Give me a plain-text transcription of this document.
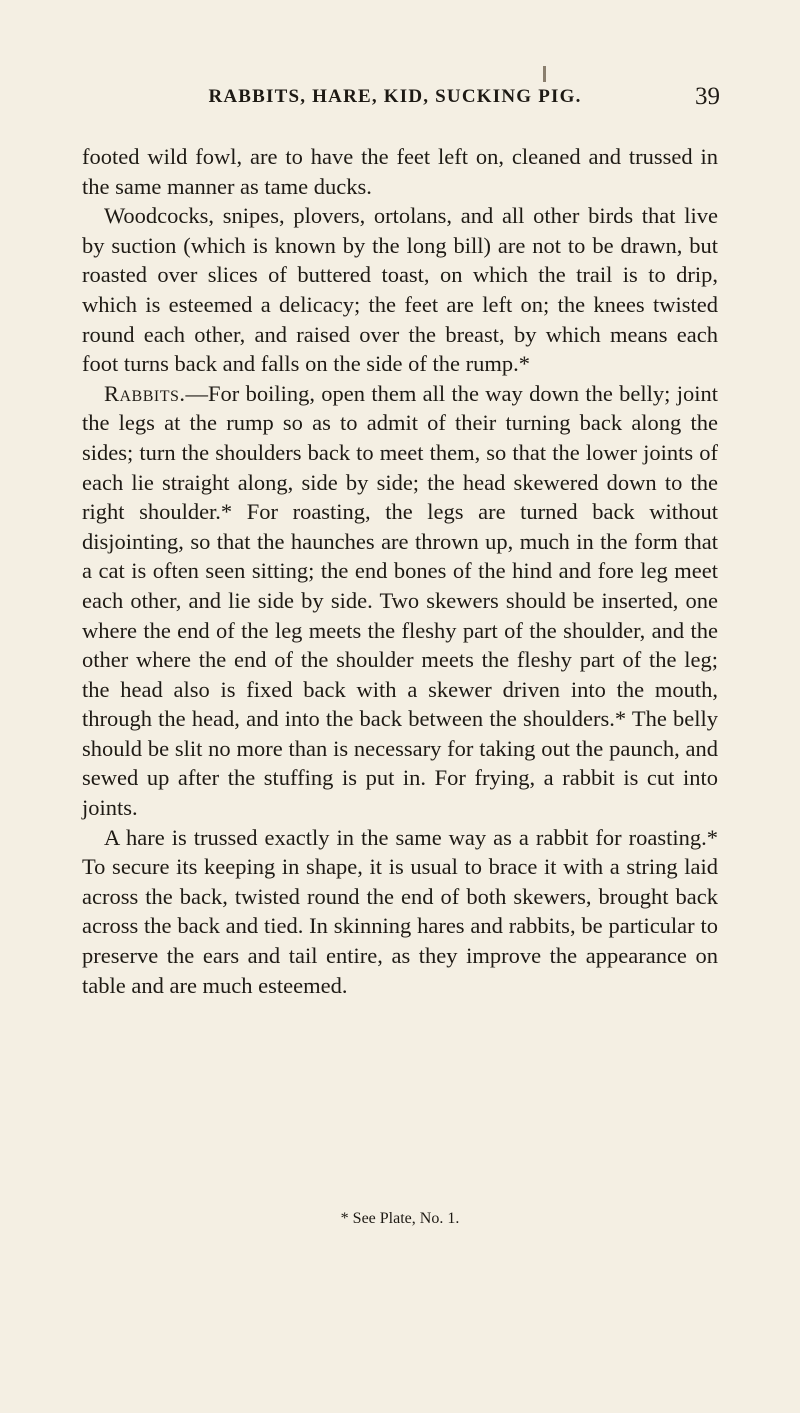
RABBITS, HARE, KID, SUCKING PIG.	39

footed wild fowl, are to have the feet left on, cleaned and trussed in the same manner as tame ducks.

Woodcocks, snipes, plovers, ortolans, and all other birds that live by suction (which is known by the long bill) are not to be drawn, but roasted over slices of buttered toast, on which the trail is to drip, which is esteemed a delicacy; the feet are left on; the knees twisted round each other, and raised over the breast, by which means each foot turns back and falls on the side of the rump.*

Rabbits.—For boiling, open them all the way down the belly; joint the legs at the rump so as to admit of their turning back along the sides; turn the shoulders back to meet them, so that the lower joints of each lie straight along, side by side; the head skewered down to the right shoulder.* For roasting, the legs are turned back without disjointing, so that the haunches are thrown up, much in the form that a cat is often seen sitting; the end bones of the hind and fore leg meet each other, and lie side by side. Two skewers should be inserted, one where the end of the leg meets the fleshy part of the shoulder, and the other where the end of the shoulder meets the fleshy part of the leg; the head also is fixed back with a skewer driven into the mouth, through the head, and into the back between the shoulders.* The belly should be slit no more than is necessary for taking out the paunch, and sewed up after the stuffing is put in. For frying, a rabbit is cut into joints.

A hare is trussed exactly in the same way as a rabbit for roasting.* To secure its keeping in shape, it is usual to brace it with a string laid across the back, twisted round the end of both skewers, brought back across the back and tied. In skinning hares and rabbits, be particular to preserve the ears and tail entire, as they improve the appearance on table and are much esteemed.

* See Plate, No. 1.
